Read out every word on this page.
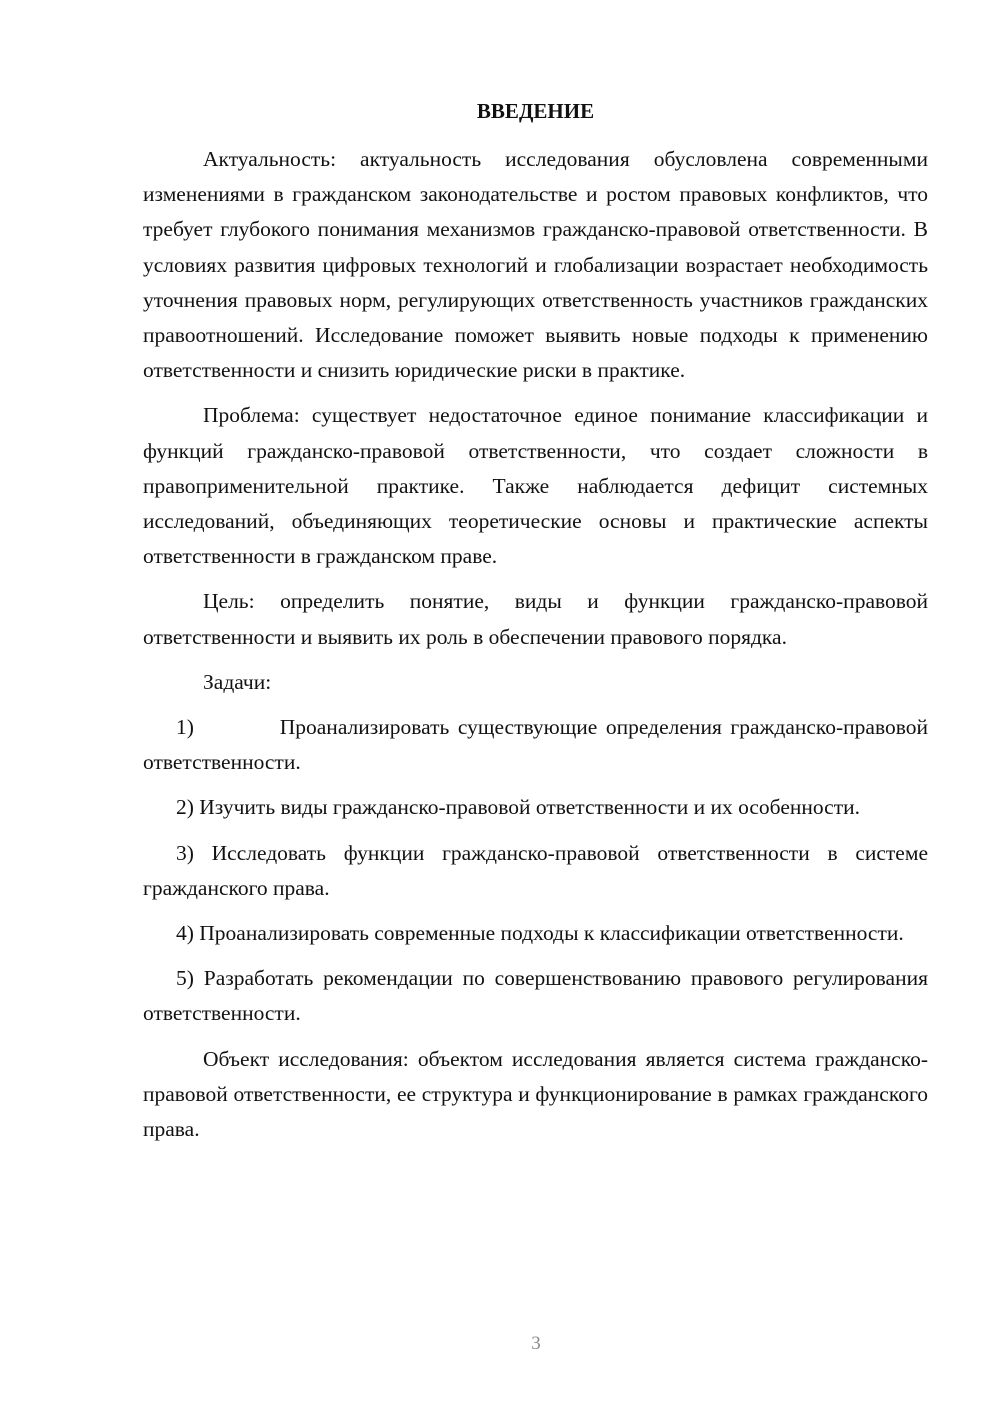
ВВЕДЕНИЕ

Актуальность: актуальность исследования обусловлена современными изменениями в гражданском законодательстве и ростом правовых конфликтов, что требует глубокого понимания механизмов гражданско-правовой ответственности. В условиях развития цифровых технологий и глобализации возрастает необходимость уточнения правовых норм, регулирующих ответственность участников гражданских правоотношений. Исследование поможет выявить новые подходы к применению ответственности и снизить юридические риски в практике.

Проблема: существует недостаточное единое понимание классификации и функций гражданско-правовой ответственности, что создает сложности в правоприменительной практике. Также наблюдается дефицит системных исследований, объединяющих теоретические основы и практические аспекты ответственности в гражданском праве.

Цель: определить понятие, виды и функции гражданско-правовой ответственности и выявить их роль в обеспечении правового порядка.

Задачи:

1)          Проанализировать существующие определения гражданско-правовой ответственности.

2) Изучить виды гражданско-правовой ответственности и их особенности.

3) Исследовать функции гражданско-правовой ответственности в системе гражданского права.

4) Проанализировать современные подходы к классификации ответственности.

5) Разработать рекомендации по совершенствованию правового регулирования ответственности.

Объект исследования: объектом исследования является система гражданско-правовой ответственности, ее структура и функционирование в рамках гражданского права.

3
